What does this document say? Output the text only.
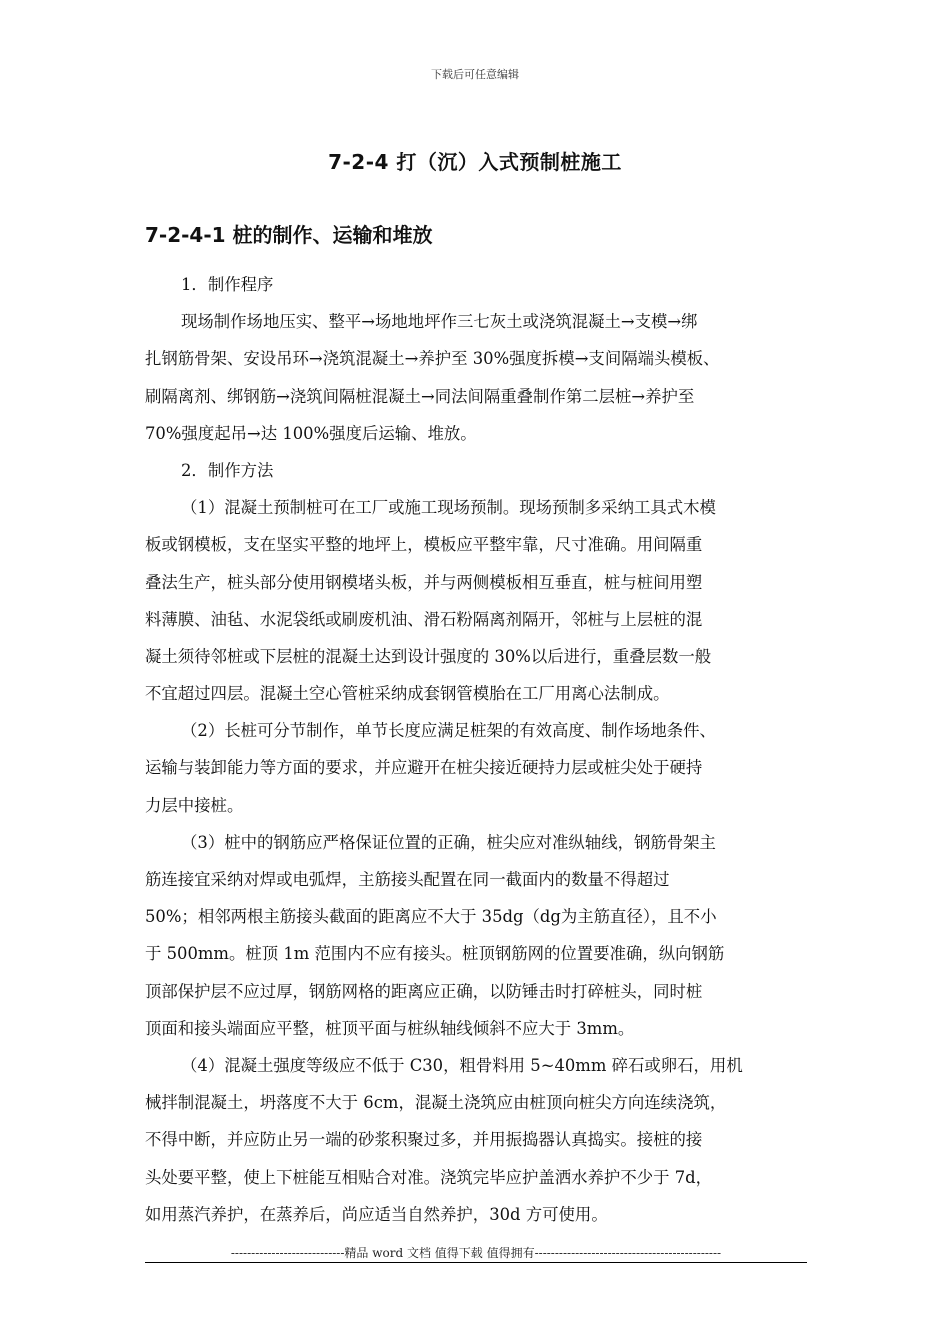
下载后可任意编辑
7-2-4 打（沉）入式预制桩施工
7-2-4-1 桩的制作、运输和堆放
1．制作程序
现场制作场地压实、整平→场地地坪作三七灰土或浇筑混凝土→支模→绑
扎钢筋骨架、安设吊环→浇筑混凝土→养护至 30%强度拆模→支间隔端头模板、
刷隔离剂、绑钢筋→浇筑间隔桩混凝土→同法间隔重叠制作第二层桩→养护至
70%强度起吊→达 100%强度后运输、堆放。
2．制作方法
（1）混凝土预制桩可在工厂或施工现场预制。现场预制多采纳工具式木模
板或钢模板，支在坚实平整的地坪上，模板应平整牢靠，尺寸准确。用间隔重
叠法生产，桩头部分使用钢模堵头板，并与两侧模板相互垂直，桩与桩间用塑
料薄膜、油毡、水泥袋纸或刷废机油、滑石粉隔离剂隔开，邻桩与上层桩的混
凝土须待邻桩或下层桩的混凝土达到设计强度的 30%以后进行，重叠层数一般
不宜超过四层。混凝土空心管桩采纳成套钢管模胎在工厂用离心法制成。
（2）长桩可分节制作，单节长度应满足桩架的有效高度、制作场地条件、
运输与装卸能力等方面的要求，并应避开在桩尖接近硬持力层或桩尖处于硬持
力层中接桩。
（3）桩中的钢筋应严格保证位置的正确，桩尖应对准纵轴线，钢筋骨架主
筋连接宜采纳对焊或电弧焊，主筋接头配置在同一截面内的数量不得超过
50%；相邻两根主筋接头截面的距离应不大于 35dg（dg为主筋直径），且不小
于 500mm。桩顶 1m 范围内不应有接头。桩顶钢筋网的位置要准确，纵向钢筋
顶部保护层不应过厚，钢筋网格的距离应正确，以防锤击时打碎桩头，同时桩
顶面和接头端面应平整，桩顶平面与桩纵轴线倾斜不应大于 3mm。
（4）混凝土强度等级应不低于 C30，粗骨料用 5~40mm 碎石或卵石，用机
械拌制混凝土，坍落度不大于 6cm，混凝土浇筑应由桩顶向桩尖方向连续浇筑，
不得中断，并应防止另一端的砂浆积聚过多，并用振捣器认真捣实。接桩的接
头处要平整，使上下桩能互相贴合对准。浇筑完毕应护盖洒水养护不少于 7d，
如用蒸汽养护，在蒸养后，尚应适当自然养护，30d 方可使用。
----------------------------精品 word 文档 值得下载 值得拥有----------------------------------------------
